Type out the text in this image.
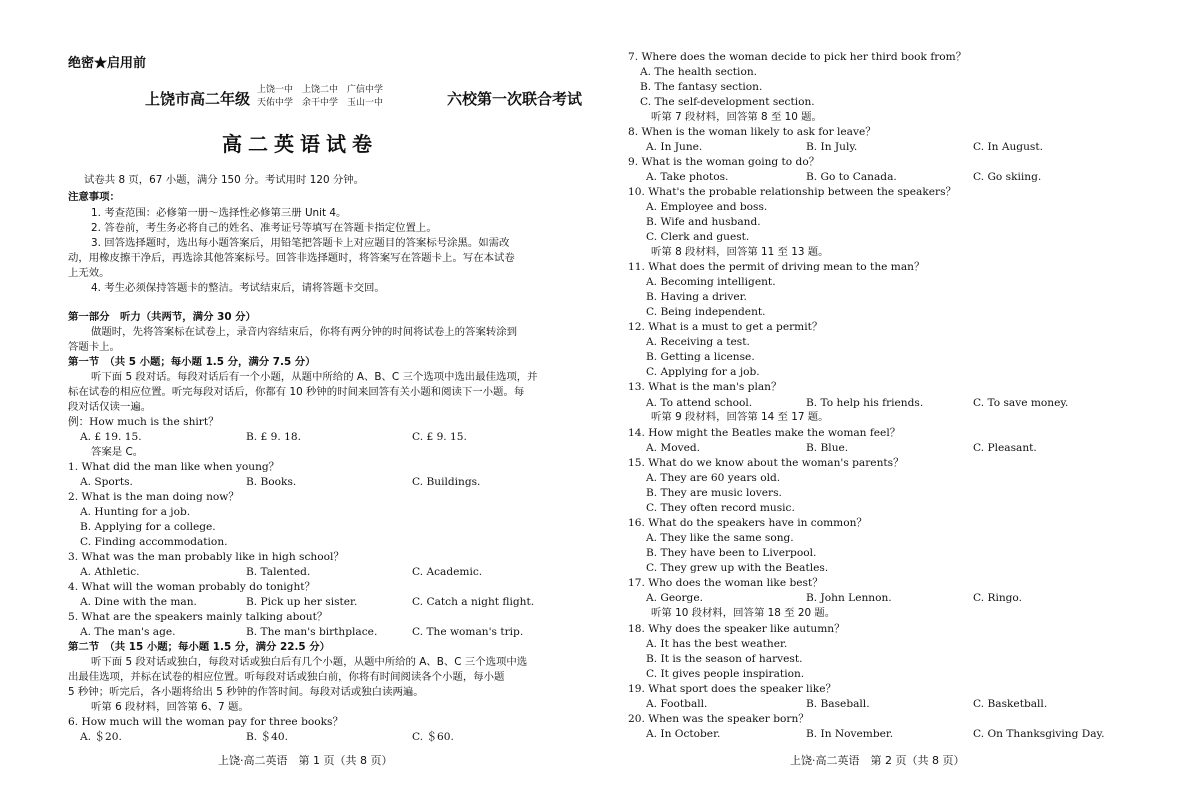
绝密★启用前
上饶市高二年级 上饶一中　上饶二中　广信中学
天佑中学　余干中学　玉山一中	六校第一次联合考试
高二英语试卷
试卷共 8 页，67 小题，满分 150 分。考试用时 120 分钟。
注意事项：
1. 考查范围：必修第一册～选择性必修第三册 Unit 4。
2. 答卷前，考生务必将自己的姓名、准考证号等填写在答题卡指定位置上。
3. 回答选择题时，选出每小题答案后，用铅笔把答题卡上对应题目的答案标号涂黑。如需改
动，用橡皮擦干净后，再选涂其他答案标号。回答非选择题时，将答案写在答题卡上。写在本试卷
上无效。
4. 考生必须保持答题卡的整洁。考试结束后，请将答题卡交回。
第一部分　听力（共两节，满分 30 分）
做题时，先将答案标在试卷上，录音内容结束后，你将有两分钟的时间将试卷上的答案转涂到
答题卡上。
第一节　（共 5 小题；每小题 1.5 分，满分 7.5 分）
听下面 5 段对话。每段对话后有一个小题，从题中所给的 A、B、C 三个选项中选出最佳选项，并
标在试卷的相应位置。听完每段对话后，你都有 10 秒钟的时间来回答有关小题和阅读下一小题。每
段对话仅读一遍。
例：How much is the shirt？
答案是 C。
1. What did the man like when young？
2. What is the man doing now？
A. Hunting for a job.
B. Applying for a college.
C. Finding accommodation.
3. What was the man probably like in high school？
4. What will the woman probably do tonight？
5. What are the speakers mainly talking about？
第二节　（共 15 小题；每小题 1.5 分，满分 22.5 分）
听下面 5 段对话或独白，每段对话或独白后有几个小题，从题中所给的 A、B、C 三个选项中选
出最佳选项，并标在试卷的相应位置。听每段对话或独白前，你将有时间阅读各个小题，每小题
5 秒钟；听完后，各小题将给出 5 秒钟的作答时间。每段对话或独白读两遍。
听第 6 段材料，回答第 6、7 题。
6. How much will the woman pay for three books？
A. £ 19. 15.	B. £ 9. 18.	C. £ 9. 15.
A. Sports.	B. Books.	C. Buildings.
A. Athletic.	B. Talented.	C. Academic.
A. Dine with the man.	B. Pick up her sister.	C. Catch a night flight.
A. The man's age.	B. The man's birthplace.	C. The woman's trip.
A. ＄20.	B. ＄40.	C. ＄60.
上饶·高二英语　第 1 页（共 8 页）
7. Where does the woman decide to pick her third book from？
A. The health section.
B. The fantasy section.
C. The self-development section.
听第 7 段材料，回答第 8 至 10 题。
8. When is the woman likely to ask for leave？
9. What is the woman going to do？
10. What's the probable relationship between the speakers？
A. Employee and boss.
B. Wife and husband.
C. Clerk and guest.
听第 8 段材料，回答第 11 至 13 题。
11. What does the permit of driving mean to the man？
A. Becoming intelligent.
B. Having a driver.
C. Being independent.
12. What is a must to get a permit？
A. Receiving a test.
B. Getting a license.
C. Applying for a job.
13. What is the man's plan？
听第 9 段材料，回答第 14 至 17 题。
14. How might the Beatles make the woman feel？
15. What do we know about the woman's parents？
A. They are 60 years old.
B. They are music lovers.
C. They often record music.
16. What do the speakers have in common？
A. They like the same song.
B. They have been to Liverpool.
C. They grew up with the Beatles.
17. Who does the woman like best？
听第 10 段材料，回答第 18 至 20 题。
18. Why does the speaker like autumn？
A. It has the best weather.
B. It is the season of harvest.
C. It gives people inspiration.
19. What sport does the speaker like？
20. When was the speaker born？
A. In June.	B. In July.	C. In August.
A. Take photos.	B. Go to Canada.	C. Go skiing.
A. To attend school.	B. To help his friends.	C. To save money.
A. Moved.	B. Blue.	C. Pleasant.
A. George.	B. John Lennon.	C. Ringo.
A. Football.	B. Baseball.	C. Basketball.
A. In October.	B. In November.	C. On Thanksgiving Day.
上饶·高二英语　第 2 页（共 8 页）
